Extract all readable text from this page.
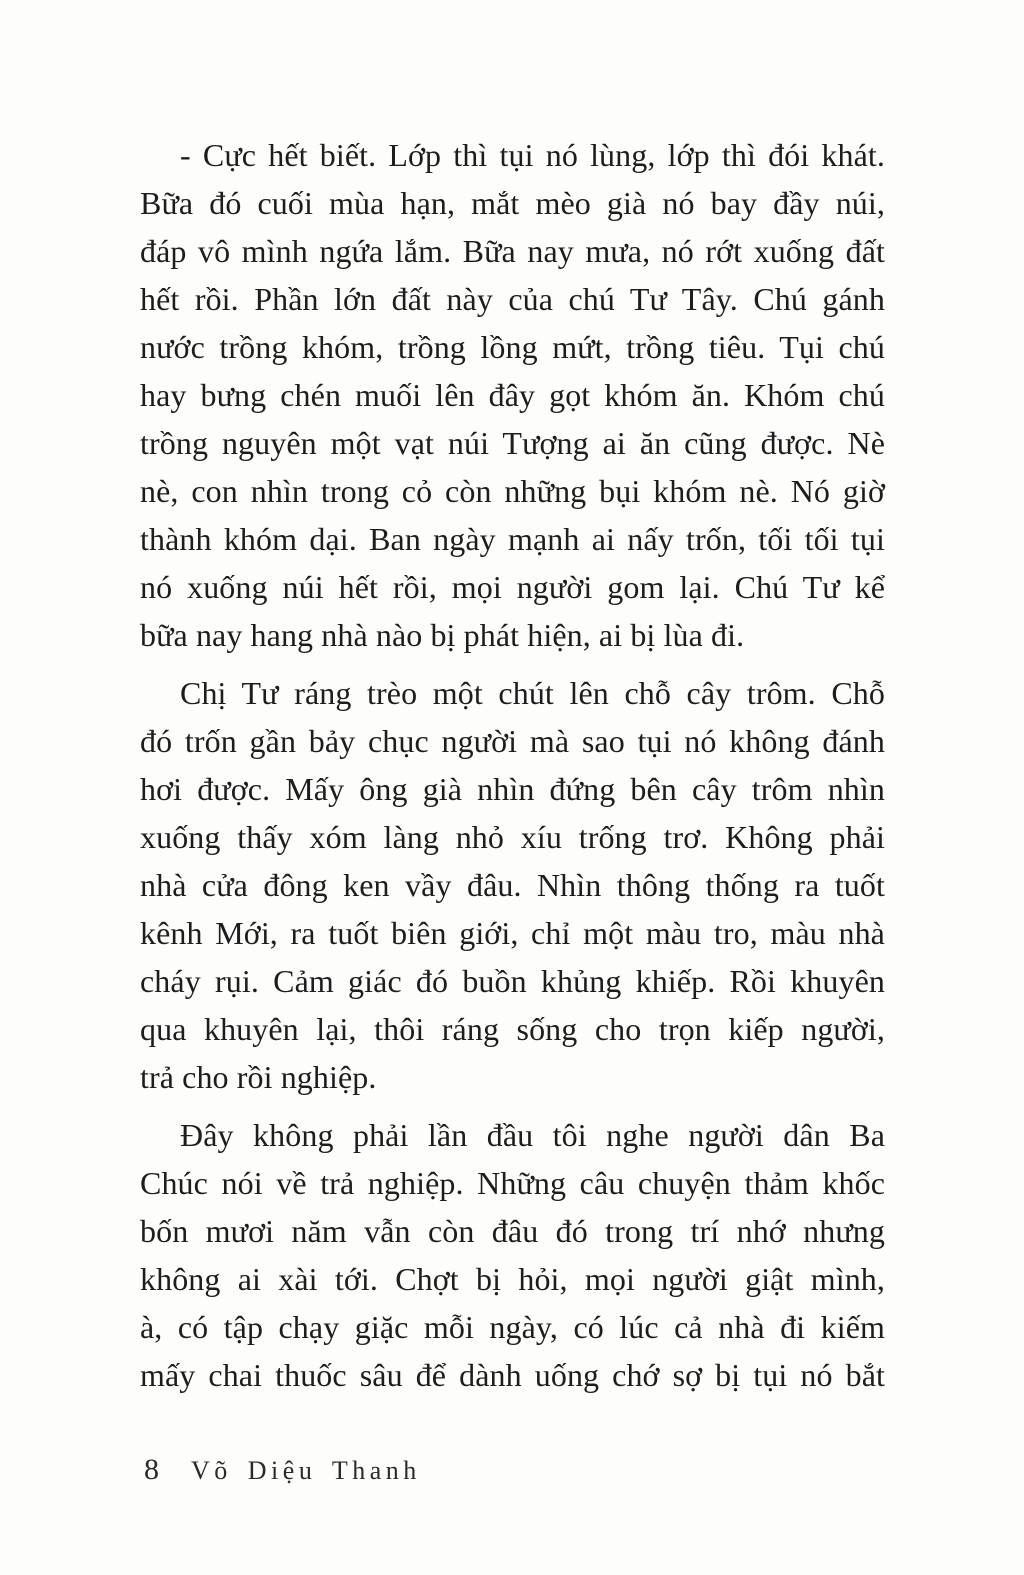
- Cực hết biết. Lớp thì tụi nó lùng, lớp thì đói khát.
Bữa đó cuối mùa hạn, mắt mèo già nó bay đầy núi,
đáp vô mình ngứa lắm. Bữa nay mưa, nó rớt xuống đất
hết rồi. Phần lớn đất này của chú Tư Tây. Chú gánh
nước trồng khóm, trồng lồng mứt, trồng tiêu. Tụi chú
hay bưng chén muối lên đây gọt khóm ăn. Khóm chú
trồng nguyên một vạt núi Tượng ai ăn cũng được. Nè
nè, con nhìn trong cỏ còn những bụi khóm nè. Nó giờ
thành khóm dại. Ban ngày mạnh ai nấy trốn, tối tối tụi
nó xuống núi hết rồi, mọi người gom lại. Chú Tư kể
bữa nay hang nhà nào bị phát hiện, ai bị lùa đi.
Chị Tư ráng trèo một chút lên chỗ cây trôm. Chỗ
đó trốn gần bảy chục người mà sao tụi nó không đánh
hơi được. Mấy ông già nhìn đứng bên cây trôm nhìn
xuống thấy xóm làng nhỏ xíu trống trơ. Không phải
nhà cửa đông ken vầy đâu. Nhìn thông thống ra tuốt
kênh Mới, ra tuốt biên giới, chỉ một màu tro, màu nhà
cháy rụi. Cảm giác đó buồn khủng khiếp. Rồi khuyên
qua khuyên lại, thôi ráng sống cho trọn kiếp người,
trả cho rồi nghiệp.
Đây không phải lần đầu tôi nghe người dân Ba
Chúc nói về trả nghiệp. Những câu chuyện thảm khốc
bốn mươi năm vẫn còn đâu đó trong trí nhớ nhưng
không ai xài tới. Chợt bị hỏi, mọi người giật mình,
à, có tập chạy giặc mỗi ngày, có lúc cả nhà đi kiếm
mấy chai thuốc sâu để dành uống chớ sợ bị tụi nó bắt
8 Võ Diệu Thanh
